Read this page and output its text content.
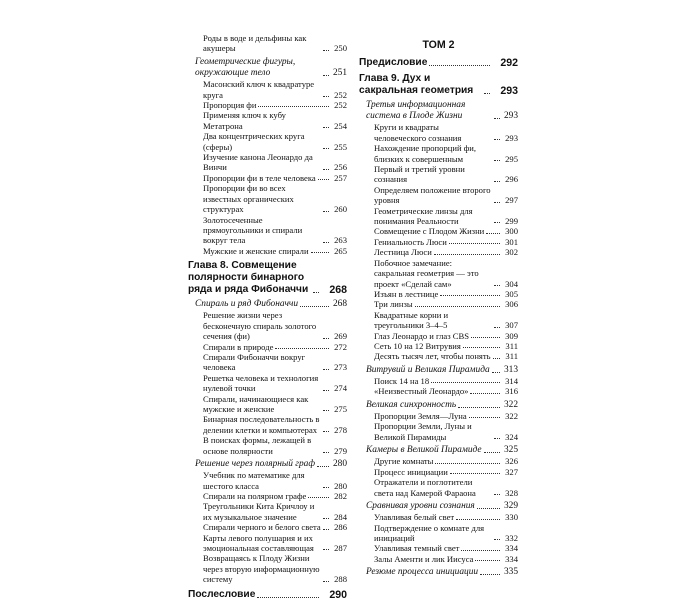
Роды в воде и дельфины как акушеры	250
Геометрические фигуры, окружающие тело	251
Масонский ключ к квадратуре круга	252
Пропорция фи	252
Применяя ключ к кубу Метатрона	254
Два концентрических круга (сферы)	255
Изучение канона Леонардо да Винчи	256
Пропорции фи в теле человека	257
Пропорции фи во всех известных органических структурах	260
Золотосеченные прямоугольники и спирали вокруг тела	263
Мужские и женские спирали	265
Глава 8. Совмещение полярности бинарного ряда и ряда Фибоначчи	268
Спираль и ряд Фибоначчи	268
Решение жизни через бесконечную спираль золотого сечения (фи)	269
Спирали в природе	272
Спирали Фибоначчи вокруг человека	273
Решетка человека и технология нулевой точки	274
Спирали, начинающиеся как мужские и женские	275
Бинарная последовательность в делении клетки и компьютерах	278
В поисках формы, лежащей в основе полярности	279
Решение через полярный граф 280
Учебник по математике для шестого класса	280
Спирали на полярном графе	282
Треугольники Кита Кричлоу и их музыкальное значение	284
Спирали черного и белого света	286
Карты левого полушария и их эмоциональная составляющая	287
Возвращаясь к Плоду Жизни через вторую информационную систему	288
Послесловие	290
ТОМ 2
Предисловие	292
Глава 9. Дух и сакральная геометрия	293
Третья информационная система в Плоде Жизни	293
Круги и квадраты человеческого сознания	293
Нахождение пропорций фи, близких к совершенным	295
Первый и третий уровни сознания	296
Определяем положение второго уровня	297
Геометрические линзы для понимания Реальности	299
Совмещение с Плодом Жизни	300
Гениальность Люси	301
Лестница Люси	302
Побочное замечание: сакральная геометрия — это проект «Сделай сам»	304
Изъян в лестнице	305
Три линзы	306
Квадратные корни и треугольники 3–4–5	307
Глаз Леонардо и глаз CBS	309
Сеть 10 на 12 Витрувия	311
Десять тысяч лет, чтобы понять	311
Витрувий и Великая Пирамида 313
Поиск 14 на 18	314
«Неизвестный Леонардо»	316
Великая синхронность	322
Пропорции Земля—Луна	322
Пропорции Земли, Луны и Великой Пирамиды	324
Камеры в Великой Пирамиде 325
Другие комнаты	326
Процесс инициации	327
Отражатели и поглотители света над Камерой Фараона	328
Сравнивая уровни сознания	329
Улавливая белый свет	330
Подтверждение о комнате для инициаций	332
Улавливая темный свет	334
Залы Аменти и лик Иисуса	334
Резюме процесса инициации	335
